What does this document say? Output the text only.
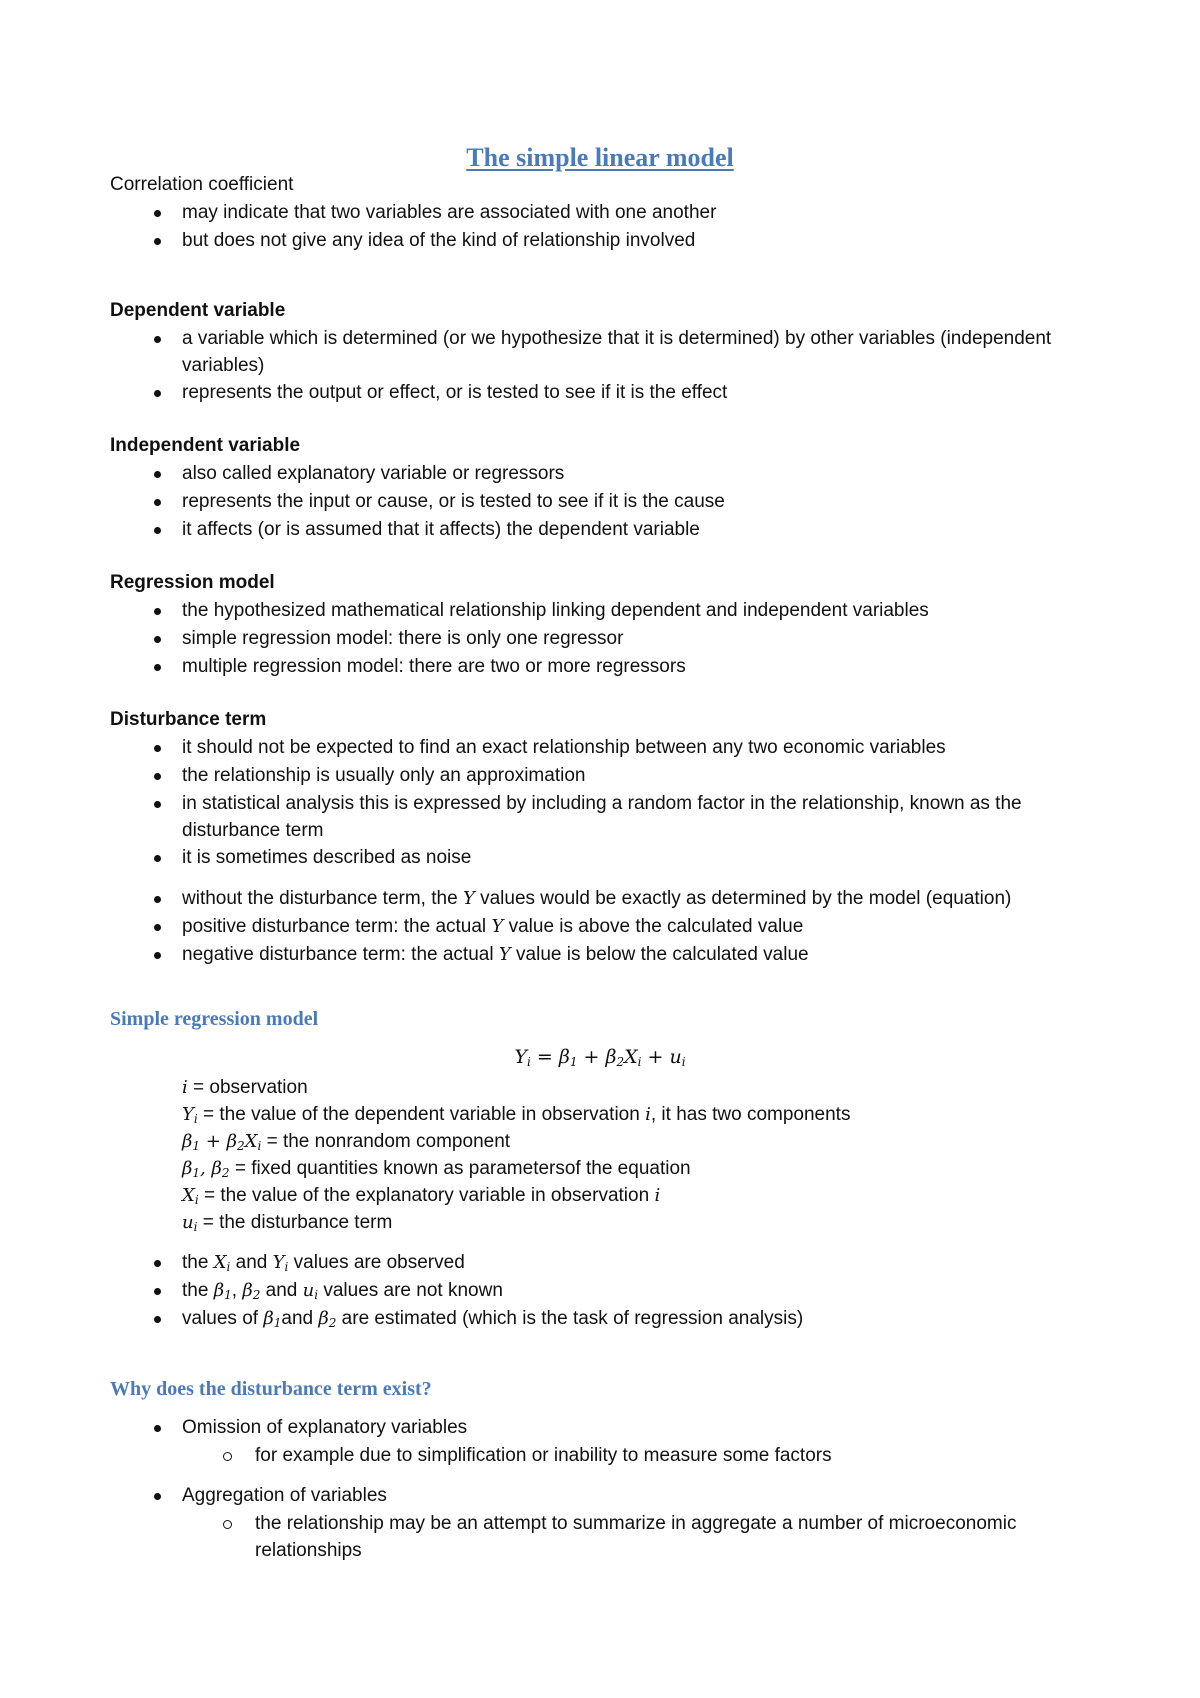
The simple linear model
Correlation coefficient
may indicate that two variables are associated with one another
but does not give any idea of the kind of relationship involved
Dependent variable
a variable which is determined (or we hypothesize that it is determined) by other variables (independent variables)
represents the output or effect, or is tested to see if it is the effect
Independent variable
also called explanatory variable or regressors
represents the input or cause, or is tested to see if it is the cause
it affects (or is assumed that it affects) the dependent variable
Regression model
the hypothesized mathematical relationship linking dependent and independent variables
simple regression model: there is only one regressor
multiple regression model: there are two or more regressors
Disturbance term
it should not be expected to find an exact relationship between any two economic variables
the relationship is usually only an approximation
in statistical analysis this is expressed by including a random factor in the relationship, known as the disturbance term
it is sometimes described as noise
without the disturbance term, the Y values would be exactly as determined by the model (equation)
positive disturbance term: the actual Y value is above the calculated value
negative disturbance term: the actual Y value is below the calculated value
Simple regression model
$Y_i = \beta_1 + \beta_2X_i + u_i$
i = observation
$Y_i$ = the value of the dependent variable in observation i, it has two components
$\beta_1 + \beta_2X_i$ = the nonrandom component
$\beta_1$, $\beta_2$ = fixed quantities known as parametersof the equation
$X_i$ = the value of the explanatory variable in observation i
$u_i$ = the disturbance term
the $X_i$ and $Y_i$ values are observed
the $\beta_1$, $\beta_2$ and $u_i$ values are not known
values of $\beta_1and$ $\beta_2$ are estimated (which is the task of regression analysis)
Why does the disturbance term exist?
Omission of explanatory variables
for example due to simplification or inability to measure some factors
Aggregation of variables
the relationship may be an attempt to summarize in aggregate a number of microeconomic relationships
